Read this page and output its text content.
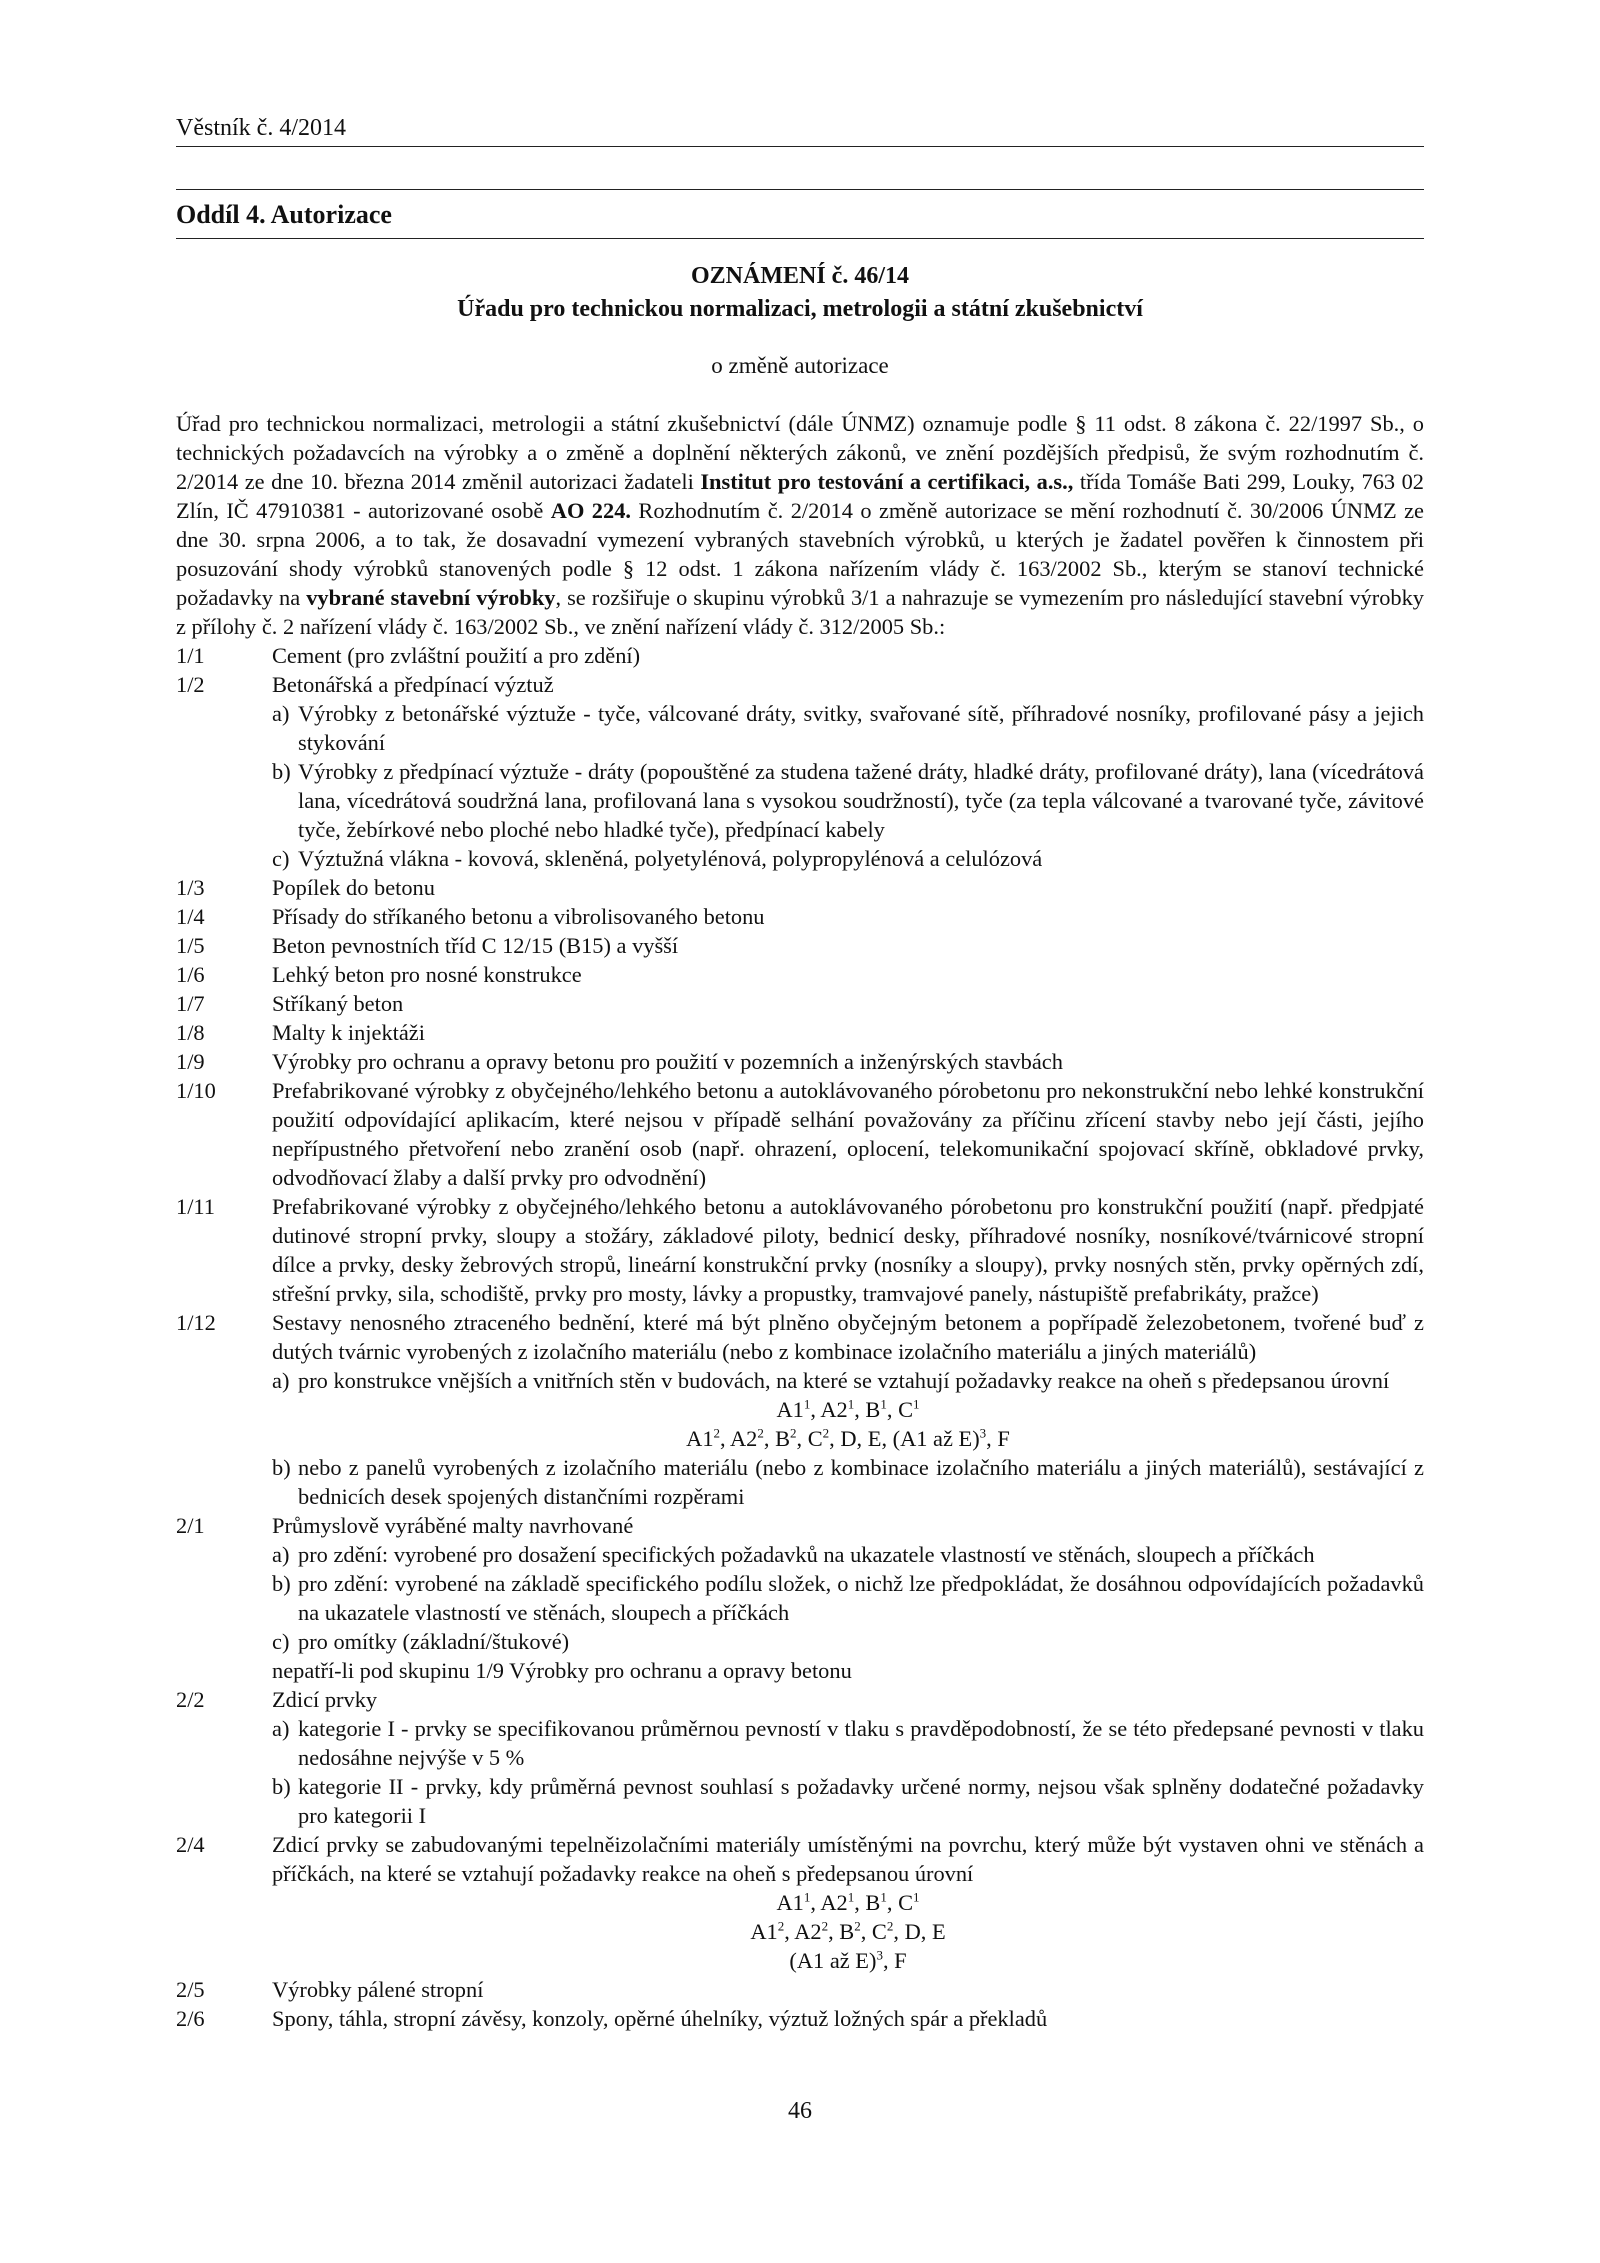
Věstník č. 4/2014
Oddíl 4. Autorizace
OZNÁMENÍ č. 46/14
Úřadu pro technickou normalizaci, metrologii a státní zkušebnictví
o změně autorizace

Úřad pro technickou normalizaci, metrologii a státní zkušebnictví (dále ÚNMZ) oznamuje podle § 11 odst. 8 zákona č. 22/1997 Sb., o technických požadavcích na výrobky a o změně a doplnění některých zákonů, ve znění pozdějších předpisů, že svým rozhodnutím č. 2/2014 ze dne 10. března 2014 změnil autorizaci žadateli Institut pro testování a certifikaci, a.s., třída Tomáše Bati 299, Louky, 763 02 Zlín, IČ 47910381 - autorizované osobě AO 224. Rozhodnutím č. 2/2014 o změně autorizace se mění rozhodnutí č. 30/2006 ÚNMZ ze dne 30. srpna 2006, a to tak, že dosavadní vymezení vybraných stavebních výrobků, u kterých je žadatel pověřen k činnostem při posuzování shody výrobků stanovených podle § 12 odst. 1 zákona nařízením vlády č. 163/2002 Sb., kterým se stanoví technické požadavky na vybrané stavební výrobky, se rozšiřuje o skupinu výrobků 3/1 a nahrazuje se vymezením pro následující stavební výrobky z přílohy č. 2 nařízení vlády č. 163/2002 Sb., ve znění nařízení vlády č. 312/2005 Sb.:

1/1	Cement (pro zvláštní použití a pro zdění)
1/2	Betonářská a předpínací výztuž
a) Výrobky z betonářské výztuže - tyče, válcované dráty, svitky, svařované sítě, příhradové nosníky, profilované pásy a jejich stykování
b) Výrobky z předpínací výztuže - dráty (popouštěné za studena tažené dráty, hladké dráty, profilované dráty), lana (vícedrátová lana, vícedrátová soudržná lana, profilovaná lana s vysokou soudržností), tyče (za tepla válcované a tvarované tyče, závitové tyče, žebírkové nebo ploché nebo hladké tyče), předpínací kabely
c) Výztužná vlákna - kovová, skleněná, polyetylénová, polypropylénová a celulózová
1/3	Popílek do betonu
1/4	Přísady do stříkaného betonu a vibrolisovaného betonu
1/5	Beton pevnostních tříd C 12/15 (B15) a vyšší
1/6	Lehký beton pro nosné konstrukce
1/7	Stříkaný beton
1/8	Malty k injektáži
1/9	Výrobky pro ochranu a opravy betonu pro použití v pozemních a inženýrských stavbách
1/10	Prefabrikované výrobky z obyčejného/lehkého betonu a autoklávovaného pórobetonu pro nekonstrukční nebo lehké konstrukční použití odpovídající aplikacím, které nejsou v případě selhání považovány za příčinu zřícení stavby nebo její části, jejího nepřípustného přetvoření nebo zranění osob (např. ohrazení, oplocení, telekomunikační spojovací skříně, obkladové prvky, odvodňovací žlaby a další prvky pro odvodnění)
1/11	Prefabrikované výrobky z obyčejného/lehkého betonu a autoklávovaného pórobetonu pro konstrukční použití (např. předpjaté dutinové stropní prvky, sloupy a stožáry, základové piloty, bednicí desky, příhradové nosníky, nosníkové/tvárnicové stropní dílce a prvky, desky žebrových stropů, lineární konstrukční prvky (nosníky a sloupy), prvky nosných stěn, prvky opěrných zdí, střešní prvky, sila, schodiště, prvky pro mosty, lávky a propustky, tramvajové panely, nástupiště prefabrikáty, pražce)
1/12	Sestavy nenosného ztraceného bednění, které má být plněno obyčejným betonem a popřípadě železobetonem, tvořené buď z dutých tvárnic vyrobených z izolačního materiálu (nebo z kombinace izolačního materiálu a jiných materiálů)
a) pro konstrukce vnějších a vnitřních stěn v budovách, na které se vztahují požadavky reakce na oheň s předepsanou úrovní
$A1^1$, $A2^1$, $B^1$, $C^1$
$A1^2$, $A2^2$, $B^2$, $C^2$, D, E, (A1 až E)$^3$, F
b) nebo z panelů vyrobených z izolačního materiálu (nebo z kombinace izolačního materiálu a jiných materiálů), sestávající z bednicích desek spojených distančními rozpěrami
2/1	Průmyslově vyráběné malty navrhované
a) pro zdění: vyrobené pro dosažení specifických požadavků na ukazatele vlastností ve stěnách, sloupech a příčkách
b) pro zdění: vyrobené na základě specifického podílu složek, o nichž lze předpokládat, že dosáhnou odpovídajících požadavků na ukazatele vlastností ve stěnách, sloupech a příčkách
c) pro omítky (základní/štukové)
nepatří-li pod skupinu 1/9 Výrobky pro ochranu a opravy betonu
2/2	Zdicí prvky
a) kategorie I - prvky se specifikovanou průměrnou pevností v tlaku s pravděpodobností, že se této předepsané pevnosti v tlaku nedosáhne nejvýše v 5 %
b) kategorie II - prvky, kdy průměrná pevnost souhlasí s požadavky určené normy, nejsou však splněny dodatečné požadavky pro kategorii I
2/4	Zdicí prvky se zabudovanými tepelněizolačními materiály umístěnými na povrchu, který může být vystaven ohni ve stěnách a příčkách, na které se vztahují požadavky reakce na oheň s předepsanou úrovní
$A1^1$, $A2^1$, $B^1$, $C^1$
$A1^2$, $A2^2$, $B^2$, $C^2$, D, E
(A1 až E)$^3$, F
2/5	Výrobky pálené stropní
2/6	Spony, táhla, stropní závěsy, konzoly, opěrné úhelníky, výztuž ložných spár a překladů
46
